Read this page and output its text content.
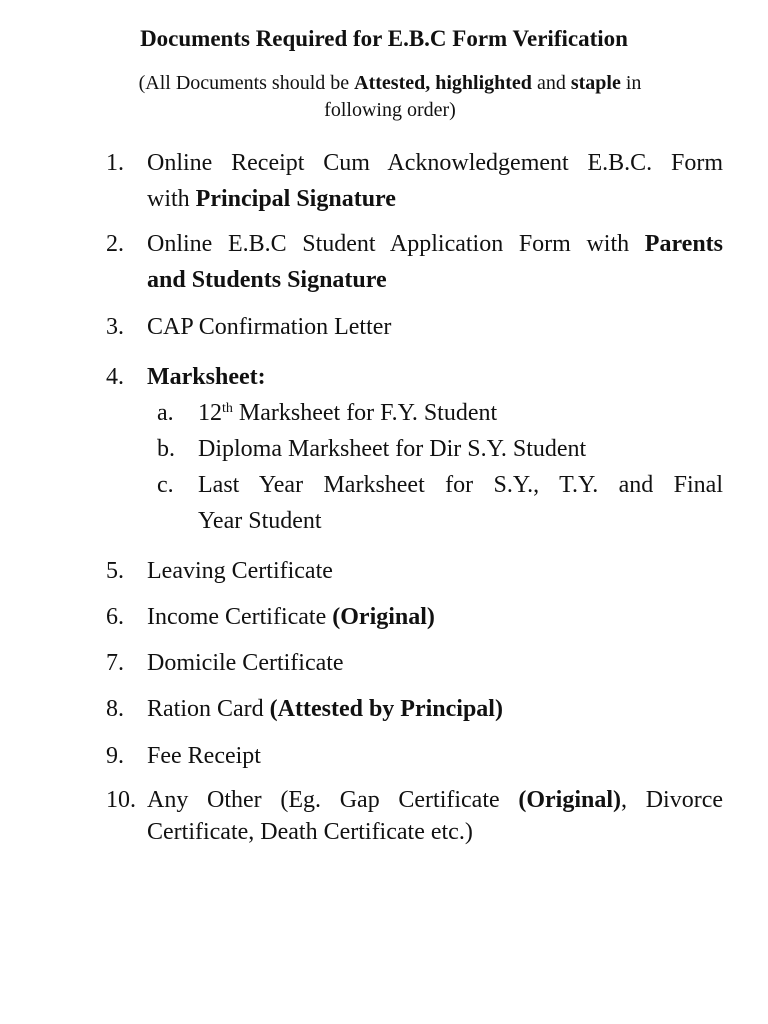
Documents Required for E.B.C Form Verification
(All Documents should be Attested, highlighted and staple in
following order)
1. Online Receipt Cum Acknowledgement E.B.C. Form
with Principal Signature
2. Online E.B.C Student Application Form with Parents
and Students Signature
3. CAP Confirmation Letter
4. Marksheet:
a. 12th Marksheet for F.Y. Student
b. Diploma Marksheet for Dir S.Y. Student
c. Last Year Marksheet for S.Y., T.Y. and Final
Year Student
5. Leaving Certificate
6. Income Certificate (Original)
7. Domicile Certificate
8. Ration Card (Attested by Principal)
9. Fee Receipt
10. Any Other (Eg. Gap Certificate (Original), Divorce
Certificate, Death Certificate etc.)
